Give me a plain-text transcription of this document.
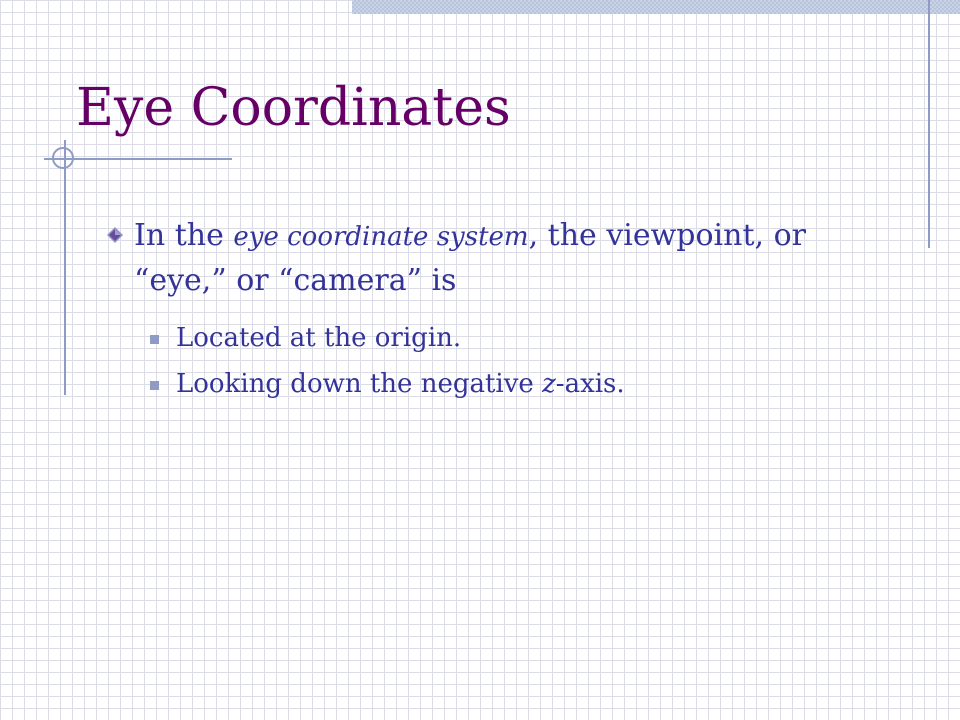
Eye Coordinates
In the eye coordinate system, the viewpoint, or “eye,” or “camera” is
Located at the origin.
Looking down the negative z-axis.
